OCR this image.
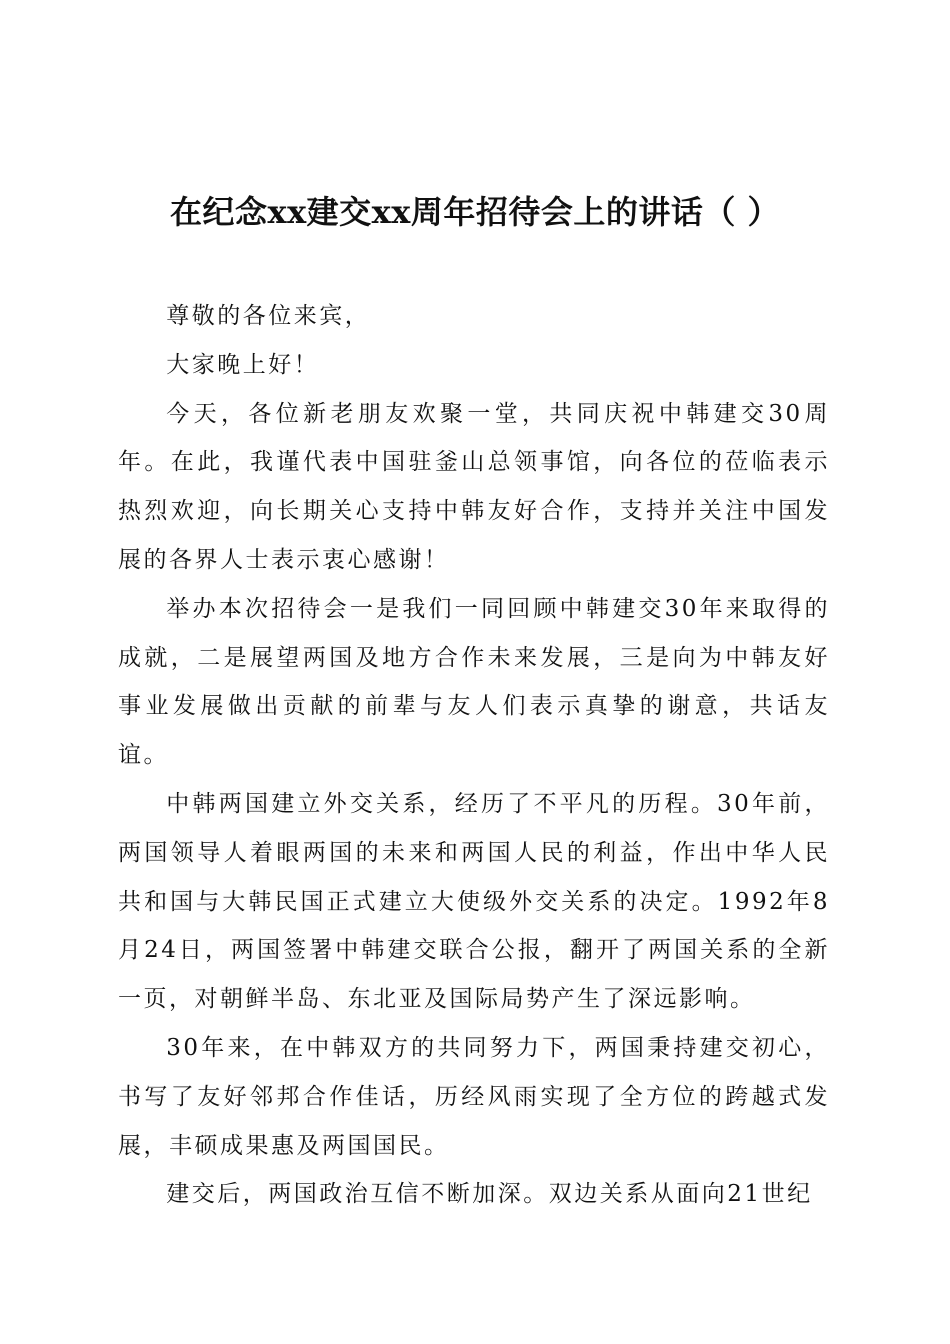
在纪念xx建交xx周年招待会上的讲话（ ）

尊敬的各位来宾，

大家晚上好！

今天，各位新老朋友欢聚一堂，共同庆祝中韩建交30周年。在此，我谨代表中国驻釜山总领事馆，向各位的莅临表示热烈欢迎，向长期关心支持中韩友好合作，支持并关注中国发展的各界人士表示衷心感谢！

举办本次招待会一是我们一同回顾中韩建交30年来取得的成就，二是展望两国及地方合作未来发展，三是向为中韩友好事业发展做出贡献的前辈与友人们表示真挚的谢意，共话友谊。

中韩两国建立外交关系，经历了不平凡的历程。30年前，两国领导人着眼两国的未来和两国人民的利益，作出中华人民共和国与大韩民国正式建立大使级外交关系的决定。1992年8月24日，两国签署中韩建交联合公报，翻开了两国关系的全新一页，对朝鲜半岛、东北亚及国际局势产生了深远影响。

30年来，在中韩双方的共同努力下，两国秉持建交初心，书写了友好邻邦合作佳话，历经风雨实现了全方位的跨越式发展，丰硕成果惠及两国国民。

建交后，两国政治互信不断加深。双边关系从面向21世纪
